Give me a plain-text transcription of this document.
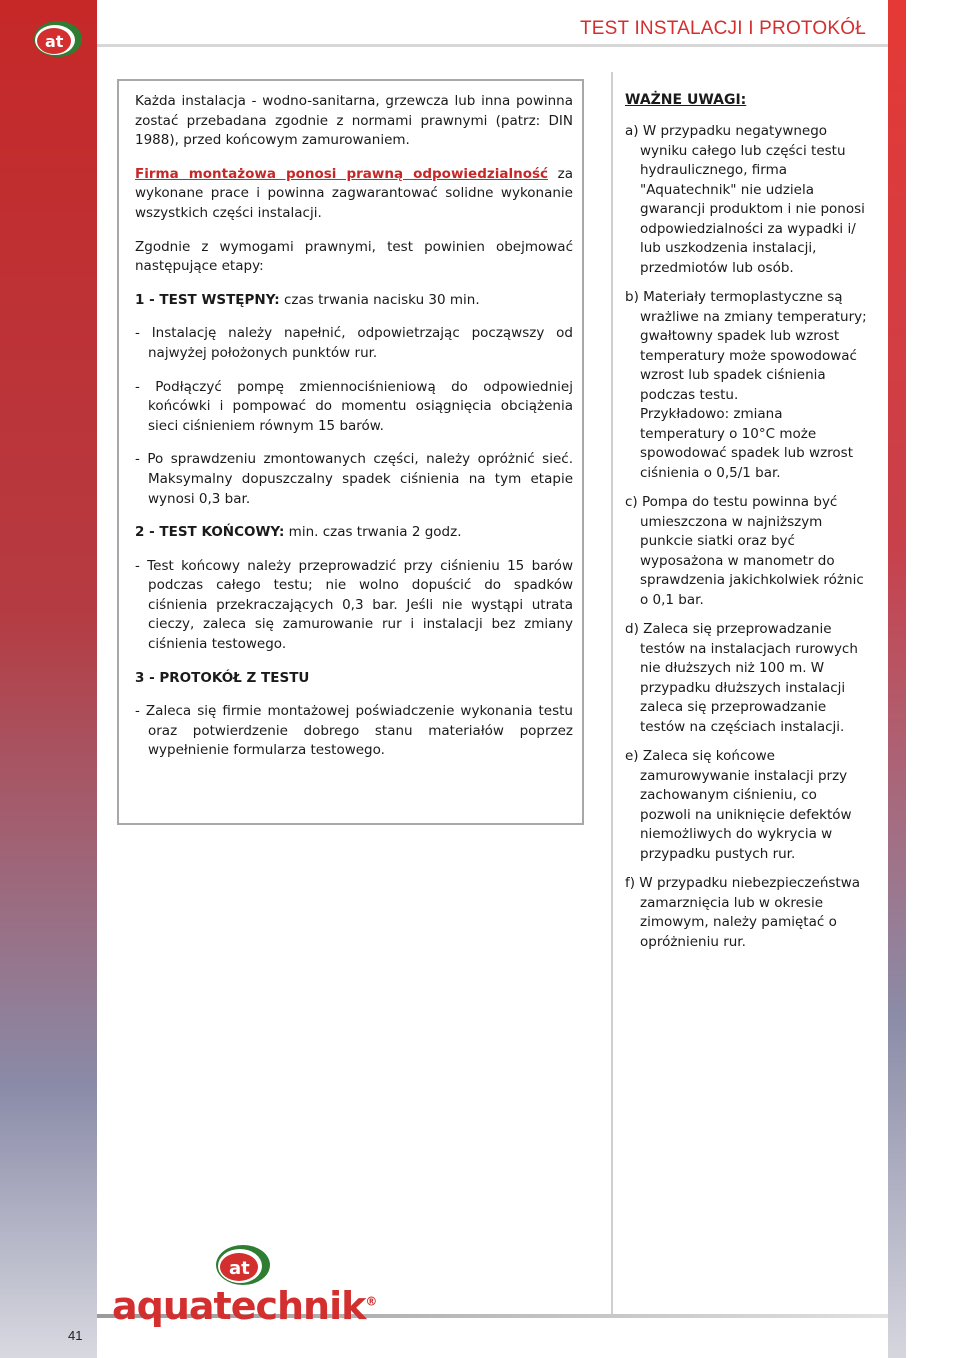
at
TEST INSTALACJI I PROTOKÓŁ

Każda instalacja - wodno-sanitarna, grzewcza lub inna powinna zostać przebadana zgodnie z normami prawnymi (patrz: DIN 1988), przed końcowym zamurowaniem.

Firma montażowa ponosi prawną odpowiedzialność za wykonane prace i powinna zagwarantować solidne wykonanie wszystkich części instalacji.

Zgodnie z wymogami prawnymi, test powinien obejmować następujące etapy:

1 - TEST WSTĘPNY: czas trwania nacisku 30 min.

- Instalację należy napełnić, odpowietrzając począwszy od najwyżej położonych punktów rur.

- Podłączyć pompę zmiennociśnieniową do odpowiedniej końcówki i pompować do momentu osiągnięcia obciążenia sieci ciśnieniem równym 15 barów.

- Po sprawdzeniu zmontowanych części, należy opróżnić sieć. Maksymalny dopuszczalny spadek ciśnienia na tym etapie wynosi 0,3 bar.

2 - TEST KOŃCOWY: min. czas trwania 2 godz.

- Test końcowy należy przeprowadzić przy ciśnieniu 15 barów podczas całego testu; nie wolno dopuścić do spadków ciśnienia przekraczających 0,3 bar. Jeśli nie wystąpi utrata cieczy, zaleca się zamurowanie rur i instalacji bez zmiany ciśnienia testowego.

3 - PROTOKÓŁ Z TESTU

- Zaleca się firmie montażowej poświadczenie wykonania testu oraz potwierdzenie dobrego stanu materiałów poprzez wypełnienie formularza testowego.

WAŻNE UWAGI:

a) W przypadku negatywnego wyniku całego lub części testu hydraulicznego, firma "Aquatechnik" nie udziela gwarancji produktom i nie ponosi odpowiedzialności za wypadki i/ lub uszkodzenia instalacji, przedmiotów lub osób.

b) Materiały termoplastyczne są wrażliwe na zmiany temperatury; gwałtowny spadek lub wzrost temperatury może spowodować wzrost lub spadek ciśnienia podczas testu.
Przykładowo: zmiana temperatury o 10°C może spowodować spadek lub wzrost ciśnienia o 0,5/1 bar.

c) Pompa do testu powinna być umieszczona w najniższym punkcie siatki oraz być wyposażona w manometr do sprawdzenia jakichkolwiek różnic o 0,1 bar.

d) Zaleca się przeprowadzanie testów na instalacjach rurowych nie dłuższych niż 100 m. W przypadku dłuższych instalacji zaleca się przeprowadzanie testów na częściach instalacji.

e) Zaleca się końcowe zamurowywanie instalacji przy zachowanym ciśnieniu, co pozwoli na uniknięcie defektów niemożliwych do wykrycia w przypadku pustych rur.

f) W przypadku niebezpieczeństwa zamarznięcia lub w okresie zimowym, należy pamiętać o opróżnieniu rur.

at
aquatechnik®
41
